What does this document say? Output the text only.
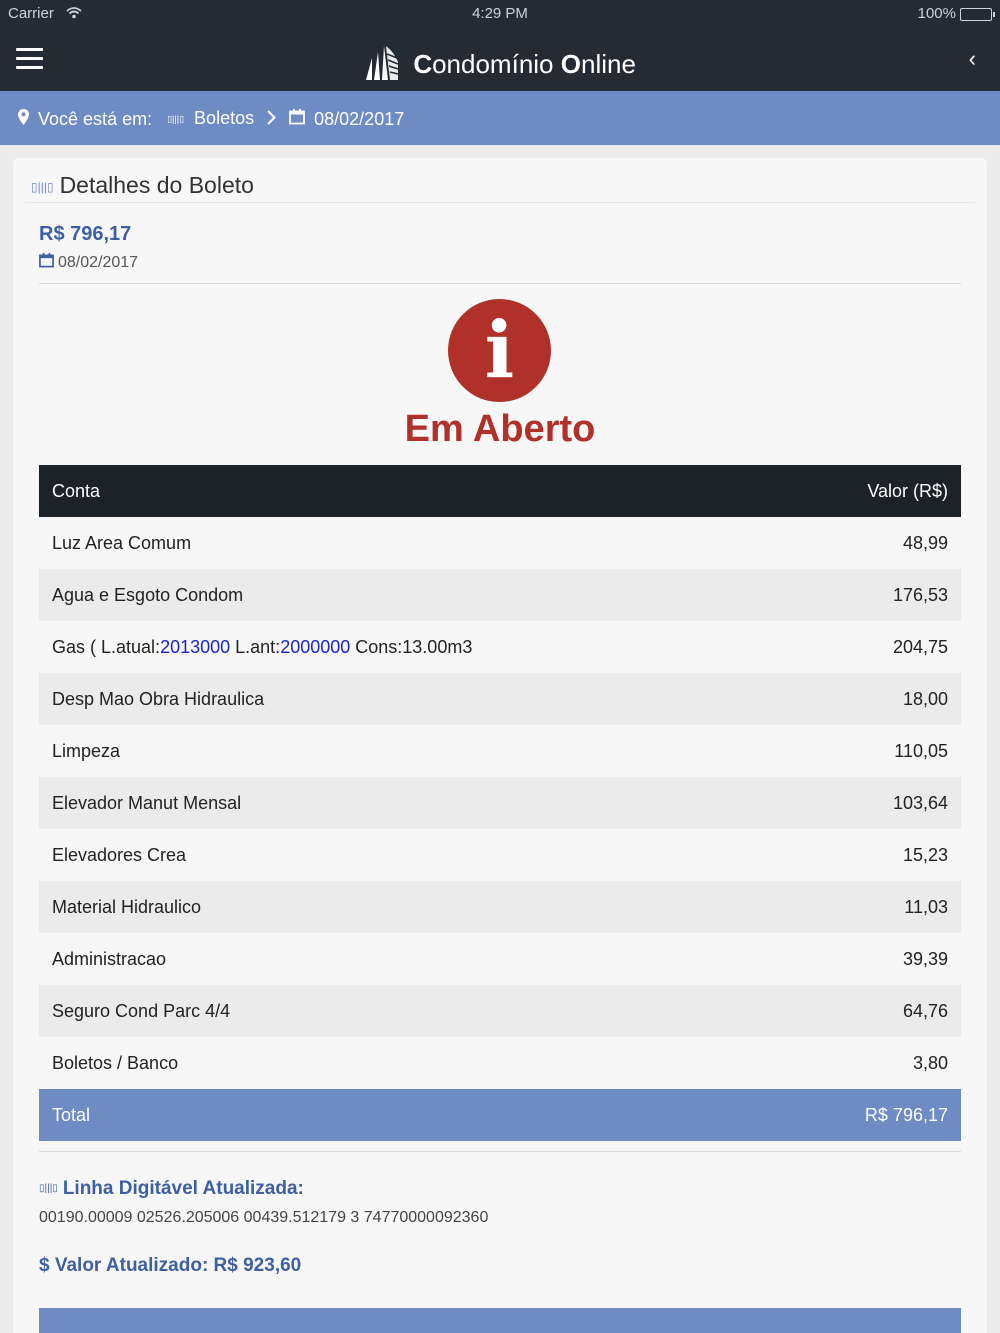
Carrier	4:29 PM	100%
Condomínio Online	‹
Você está em: ▯|||▯ Boletos	08/02/2017
▯|||▯ Detalhes do Boleto
R$ 796,17
08/02/2017
i
Em Aberto
Conta	Valor (R$)
Luz Area Comum	48,99
Agua e Esgoto Condom	176,53
Gas ( L.atual:2013000 L.ant:2000000 Cons:13.00m3	204,75
Desp Mao Obra Hidraulica	18,00
Limpeza	110,05
Elevador Manut Mensal	103,64
Elevadores Crea	15,23
Material Hidraulico	11,03
Administracao	39,39
Seguro Cond Parc 4/4	64,76
Boletos / Banco	3,80
Total	R$ 796,17
▯|||▯ Linha Digitável Atualizada:
00190.00009 02526.205006 00439.512179 3 74770000092360
$ Valor Atualizado: R$ 923,60
